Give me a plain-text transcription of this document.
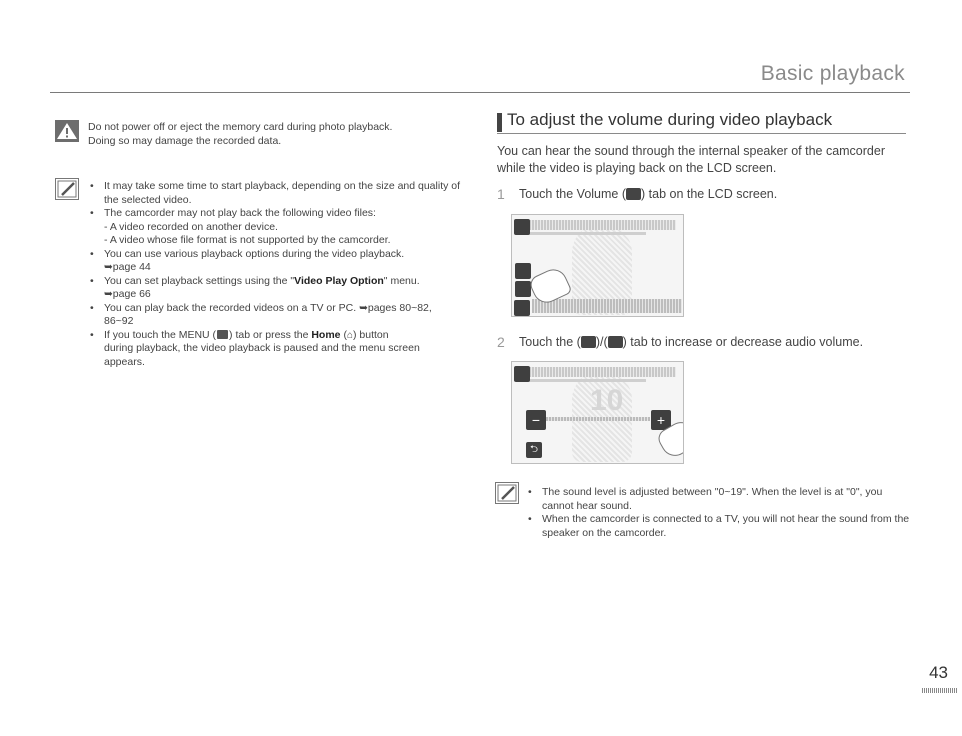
Basic playback
Do not power off or eject the memory card during photo playback.
Doing so may damage the recorded data.
• It may take some time to start playback, depending on the size and quality of the selected video.
• The camcorder may not play back the following video files:
- A video recorded on another device.
- A video whose file format is not supported by the camcorder.
• You can use various playback options during the video playback.
➥page 44
• You can set playback settings using the "Video Play Option" menu.
➥page 66
• You can play back the recorded videos on a TV or PC. ➥pages 80~82, 86~92
• If you touch the MENU ( ) tab or press the Home (⌂) button
during playback, the video playback is paused and the menu screen appears.
To adjust the volume during video playback
You can hear the sound through the internal speaker of the camcorder while the video is playing back on the LCD screen.
1 Touch the Volume ( ) tab on the LCD screen.
2 Touch the ( )/( ) tab to increase or decrease audio volume.
10
−	+
⮌
• The sound level is adjusted between "0~19". When the level is at "0", you cannot hear sound.
• When the camcorder is connected to a TV, you will not hear the sound from the speaker on the camcorder.
43
